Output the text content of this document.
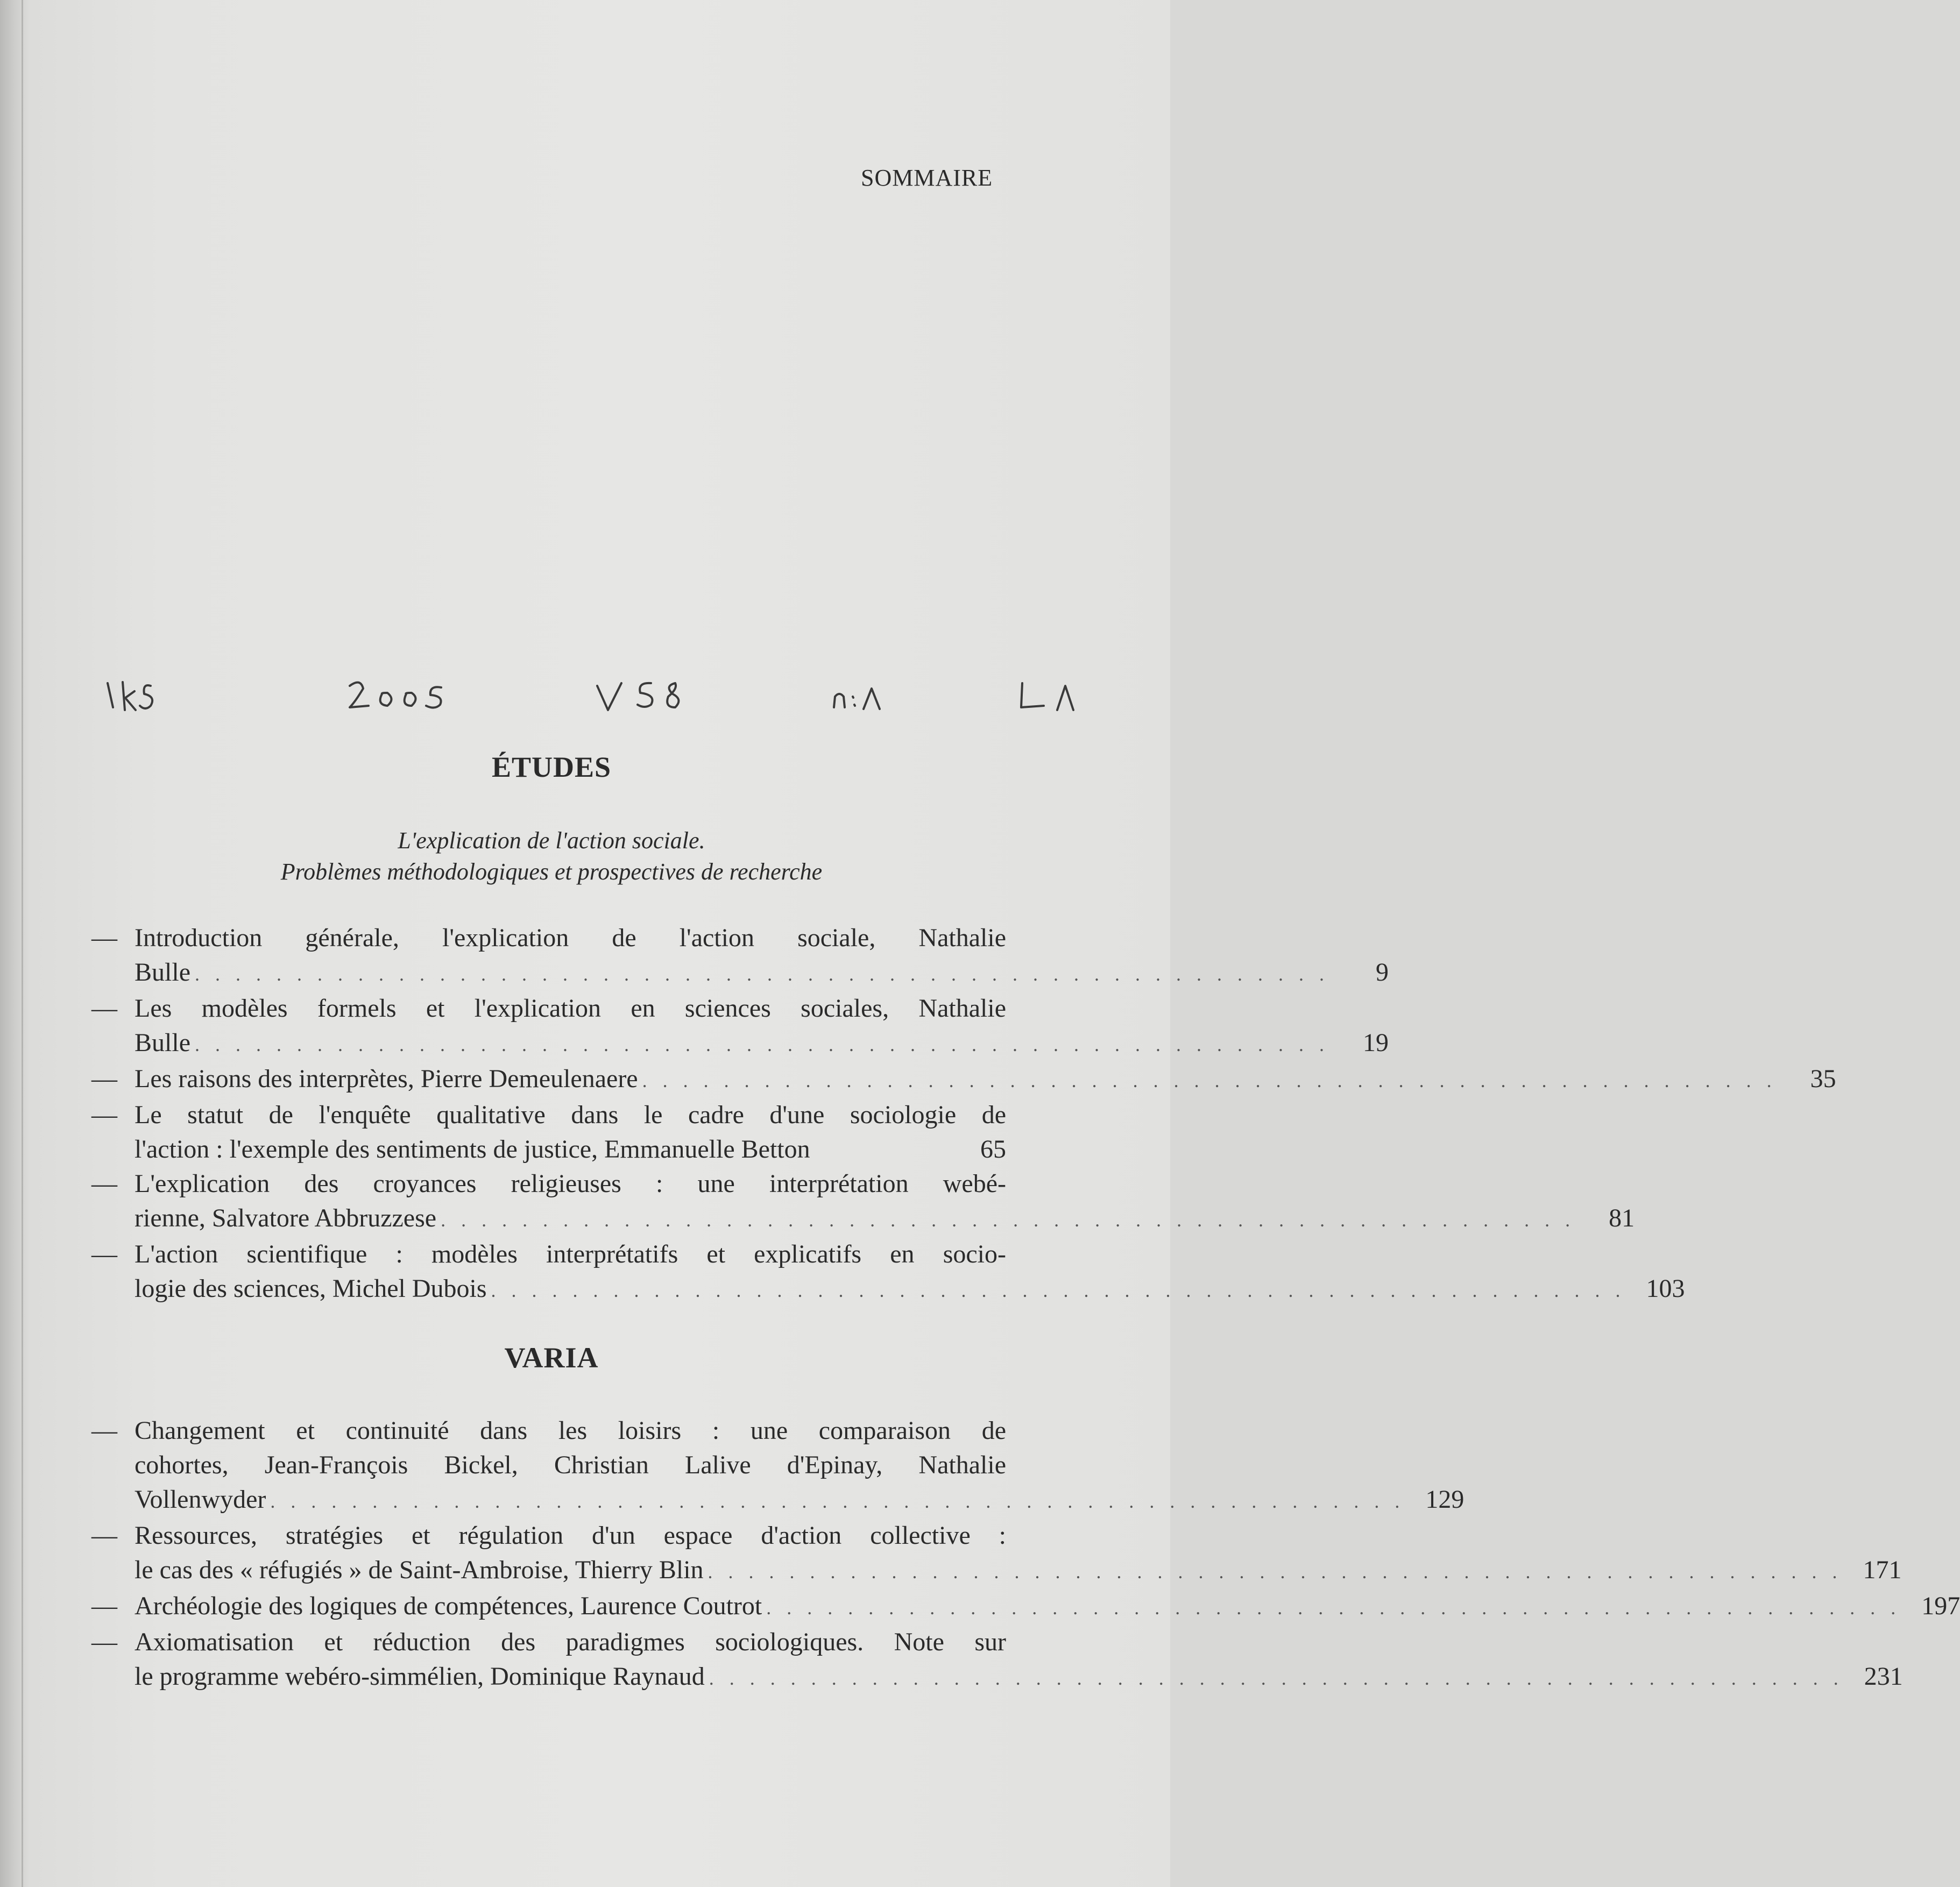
SOMMAIRE
ÉTUDES
L'explication de l'action sociale.
Problèmes méthodologiques et prospectives de recherche
— Introduction générale, l'explication de l'action sociale, Nathalie
Bulle . . . . . . . . . . . . . . . . . . . . . . . . . . . . . . . . . . . . . . . . . . . . . . . . . . . . . . . .	9
— Les modèles formels et l'explication en sciences sociales, Nathalie
Bulle . . . . . . . . . . . . . . . . . . . . . . . . . . . . . . . . . . . . . . . . . . . . . . . . . . . . . . . .	19
— Les raisons des interprètes, Pierre Demeulenaere . . . . . . . . . . . . . . . . . . . . . . . . . . . . . . . . . . . . . . . . . . . . . . . . . . . . . . . .	35
— Le statut de l'enquête qualitative dans le cadre d'une sociologie de
l'action : l'exemple des sentiments de justice, Emmanuelle Betton	65
— L'explication des croyances religieuses : une interprétation webé-
rienne, Salvatore Abbruzzese . . . . . . . . . . . . . . . . . . . . . . . . . . . . . . . . . . . . . . . . . . . . . . . . . . . . . . . .	81
— L'action scientifique : modèles interprétatifs et explicatifs en socio-
logie des sciences, Michel Dubois . . . . . . . . . . . . . . . . . . . . . . . . . . . . . . . . . . . . . . . . . . . . . . . . . . . . . . . . 103
VARIA
— Changement et continuité dans les loisirs : une comparaison de
cohortes, Jean-François Bickel, Christian Lalive d'Epinay, Nathalie
Vollenwyder . . . . . . . . . . . . . . . . . . . . . . . . . . . . . . . . . . . . . . . . . . . . . . . . . . . . . . . . 129
— Ressources, stratégies et régulation d'un espace d'action collective :
le cas des « réfugiés » de Saint-Ambroise, Thierry Blin . . . . . . . . . . . . . . . . . . . . . . . . . . . . . . . . . . . . . . . . . . . . . . . . . . . . . . . . 171
— Archéologie des logiques de compétences, Laurence Coutrot . . . . . . . . . . . . . . . . . . . . . . . . . . . . . . . . . . . . . . . . . . . . . . . . . . . . . . . . 197
— Axiomatisation et réduction des paradigmes sociologiques. Note sur
le programme webéro-simmélien, Dominique Raynaud . . . . . . . . . . . . . . . . . . . . . . . . . . . . . . . . . . . . . . . . . . . . . . . . . . . . . . . . 231
